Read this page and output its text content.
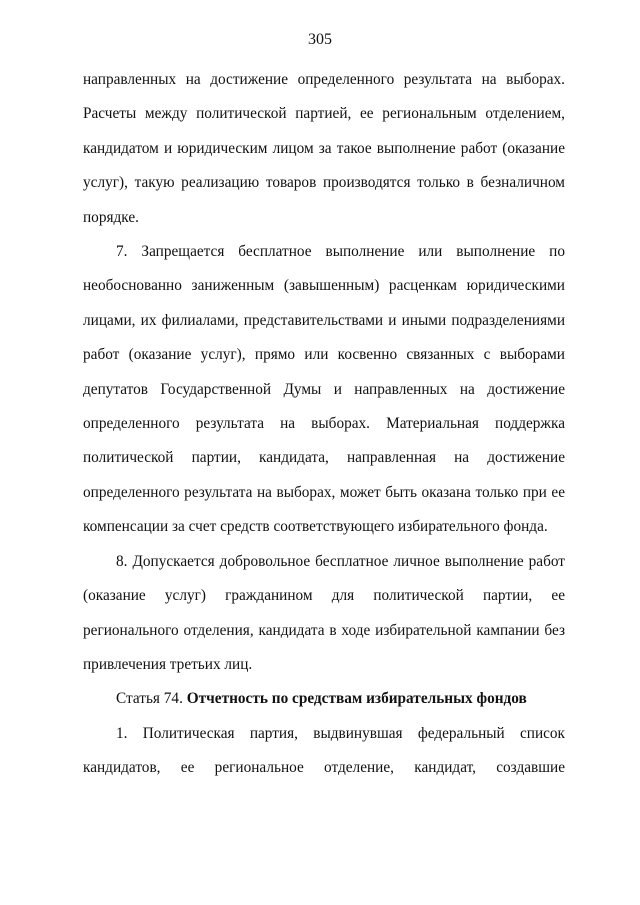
305

направленных на достижение определенного результата на выборах. Расчеты между политической партией, ее региональным отделением, кандидатом и юридическим лицом за такое выполнение работ (оказание услуг), такую реализацию товаров производятся только в безналичном порядке.

7. Запрещается бесплатное выполнение или выполнение по необоснованно заниженным (завышенным) расценкам юридическими лицами, их филиалами, представительствами и иными подразделениями работ (оказание услуг), прямо или косвенно связанных с выборами депутатов Государственной Думы и направленных на достижение определенного результата на выборах. Материальная поддержка политической партии, кандидата, направленная на достижение определенного результата на выборах, может быть оказана только при ее компенсации за счет средств соответствующего избирательного фонда.

8. Допускается добровольное бесплатное личное выполнение работ (оказание услуг) гражданином для политической партии, ее регионального отделения, кандидата в ходе избирательной кампании без привлечения третьих лиц.

Статья 74. Отчетность по средствам избирательных фондов

1. Политическая партия, выдвинувшая федеральный список кандидатов, ее региональное отделение, кандидат, создавшие
